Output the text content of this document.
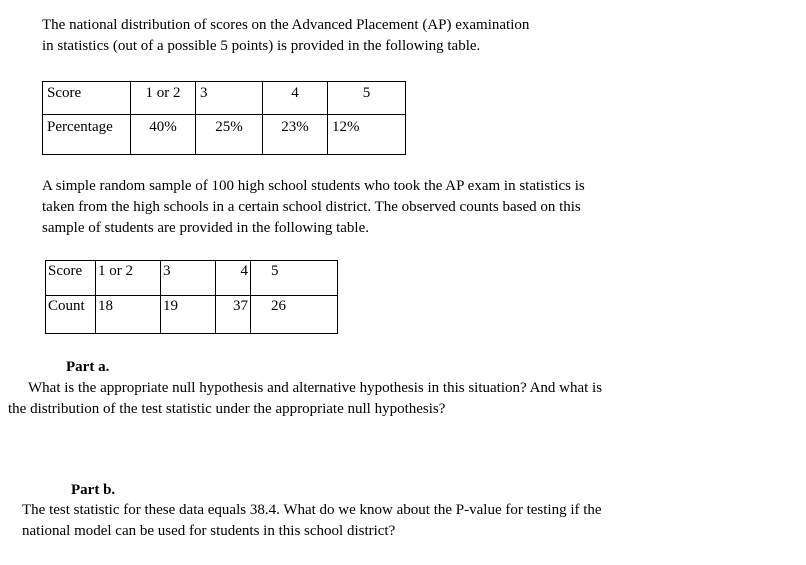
The national distribution of scores on the Advanced Placement (AP) examination
in statistics (out of a possible 5 points) is provided in the following table.
Score	1 or 2	3	4	5
Percentage	40%	25%	23%	12%
A simple random sample of 100 high school students who took the AP exam in statistics is
taken from the high schools in a certain school district. The observed counts based on this
sample of students are provided in the following table.
Score	1 or 2	3	4	5
Count	18	19	37	26
Part a.
What is the appropriate null hypothesis and alternative hypothesis in this situation? And what is
the distribution of the test statistic under the appropriate null hypothesis?
Part b.
The test statistic for these data equals 38.4. What do we know about the P-value for testing if the
national model can be used for students in this school district?
